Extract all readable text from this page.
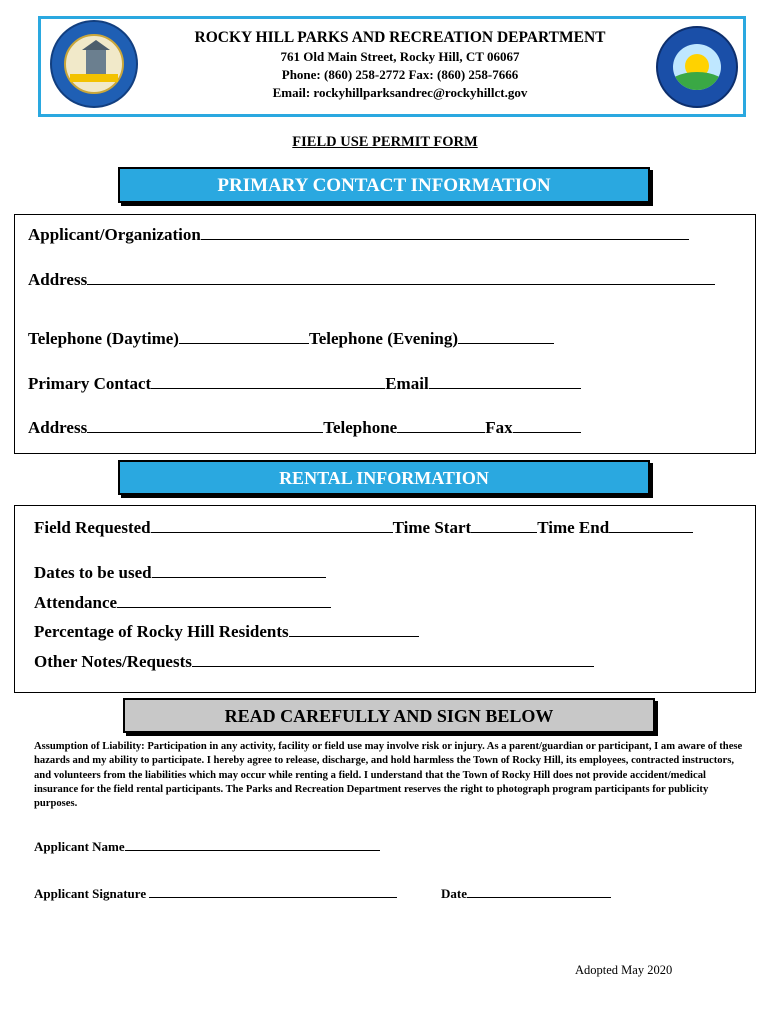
ROCKY HILL PARKS AND RECREATION DEPARTMENT
761 Old Main Street, Rocky Hill, CT 06067
Phone: (860) 258-2772 Fax: (860) 258-7666
Email: rockyhillparksandrec@rockyhillct.gov
FIELD USE PERMIT FORM
PRIMARY CONTACT INFORMATION
Applicant/Organization
Address
Telephone (Daytime)	Telephone (Evening)
Primary Contact	Email
Address	Telephone	Fax
RENTAL INFORMATION
Field Requested	Time Start	Time End
Dates to be used
Attendance
Percentage of Rocky Hill Residents
Other Notes/Requests
READ CAREFULLY AND SIGN BELOW
Assumption of Liability: Participation in any activity, facility or field use may involve risk or injury. As a parent/guardian or participant, I am aware of these hazards and my ability to participate. I hereby agree to release, discharge, and hold harmless the Town of Rocky Hill, its employees, contracted instructors, and volunteers from the liabilities which may occur while renting a field. I understand that the Town of Rocky Hill does not provide accident/medical insurance for the field rental participants. The Parks and Recreation Department reserves the right to photograph program participants for publicity purposes.
Applicant Name
Applicant Signature	Date
Adopted May 2020
